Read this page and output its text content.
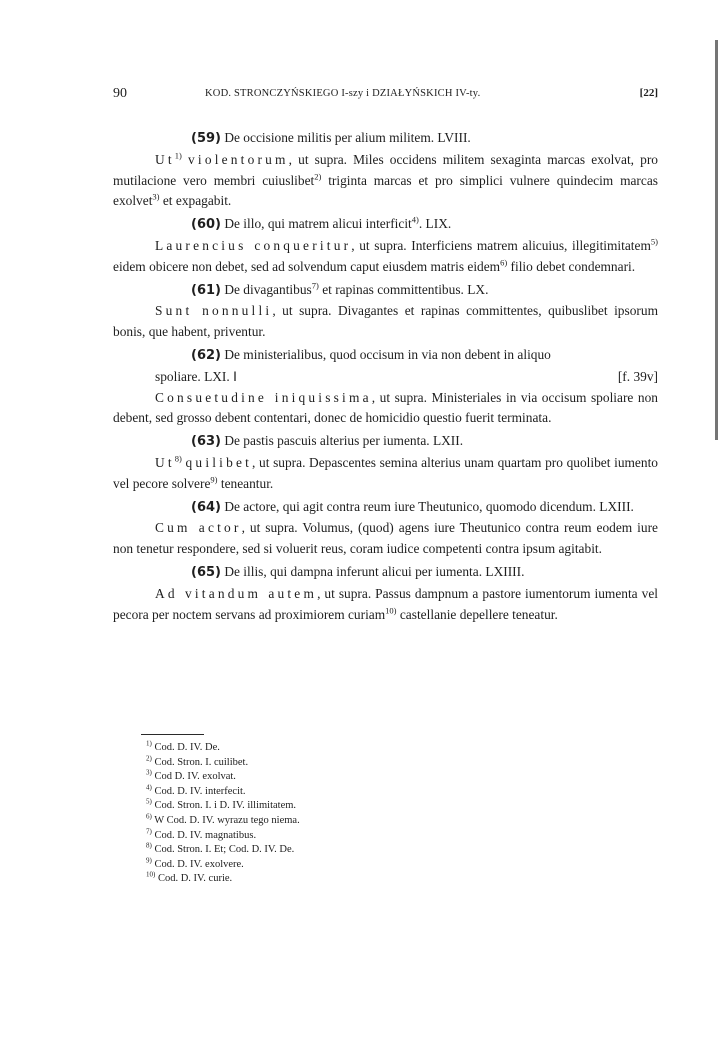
90	KOD. STRONCZYŃSKIEGO I-szy i DZIAŁYŃSKICH IV-ty.	[22]

(59) De occisione militis per alium militem. LVIII.

Ut$^{1)}$ violentorum, ut supra. Miles occidens militem sexaginta marcas exolvat, pro mutilacione vero membri cuiuslibet$^{2)}$ triginta marcas et pro simplici vulnere quindecim marcas exolvet$^{3)}$ et expagabit.

(60) De illo, qui matrem alicui interficit$^{4)}$. LIX.

Laurencius conqueritur, ut supra. Interficiens matrem alicuius, illegitimitatem$^{5)}$ eidem obicere non debet, sed ad solvendum caput eiusdem matris eidem$^{6)}$ filio debet condemnari.

(61) De divagantibus$^{7)}$ et rapinas committentibus. LX.

Sunt nonnulli, ut supra. Divagantes et rapinas committentes, quibuslibet ipsorum bonis, que habent, priventur.

(62) De ministerialibus, quod occisum in via non debent in aliquo

spoliare. LXI. ‖	[f. 39v]

Consuetudine iniquissima, ut supra. Ministeriales in via occisum spoliare non debent, sed grosso debent contentari, donec de homicidio questio fuerit terminata.

(63) De pastis pascuis alterius per iumenta. LXII.

Ut$^{8)}$ quilibet, ut supra. Depascentes semina alterius unam quartam pro quolibet iumento vel pecore solvere$^{9)}$ teneantur.

(64) De actore, qui agit contra reum iure Theutunico, quomodo dicendum. LXIII.

Cum actor, ut supra. Volumus, (quod) agens iure Theutunico contra reum eodem iure non tenetur respondere, sed si voluerit reus, coram iudice competenti contra ipsum agitabit.

(65) De illis, qui dampna inferunt alicui per iumenta. LXIIII.

Ad vitandum autem, ut supra. Passus dampnum a pastore iumentorum iumenta vel pecora per noctem servans ad proximiorem curiam$^{10)}$ castellanie depellere teneatur.

$^{1)}$ Cod. D. IV. De.
$^{2)}$ Cod. Stron. I. cuilibet.
$^{3)}$ Cod D. IV. exolvat.
$^{4)}$ Cod. D. IV. interfecit.
$^{5)}$ Cod. Stron. I. i D. IV. illimitatem.
$^{6)}$ W Cod. D. IV. wyrazu tego niema.
$^{7)}$ Cod. D. IV. magnatibus.
$^{8)}$ Cod. Stron. I. Et; Cod. D. IV. De.
$^{9)}$ Cod. D. IV. exolvere.
$^{10)}$ Cod. D. IV. curie.
